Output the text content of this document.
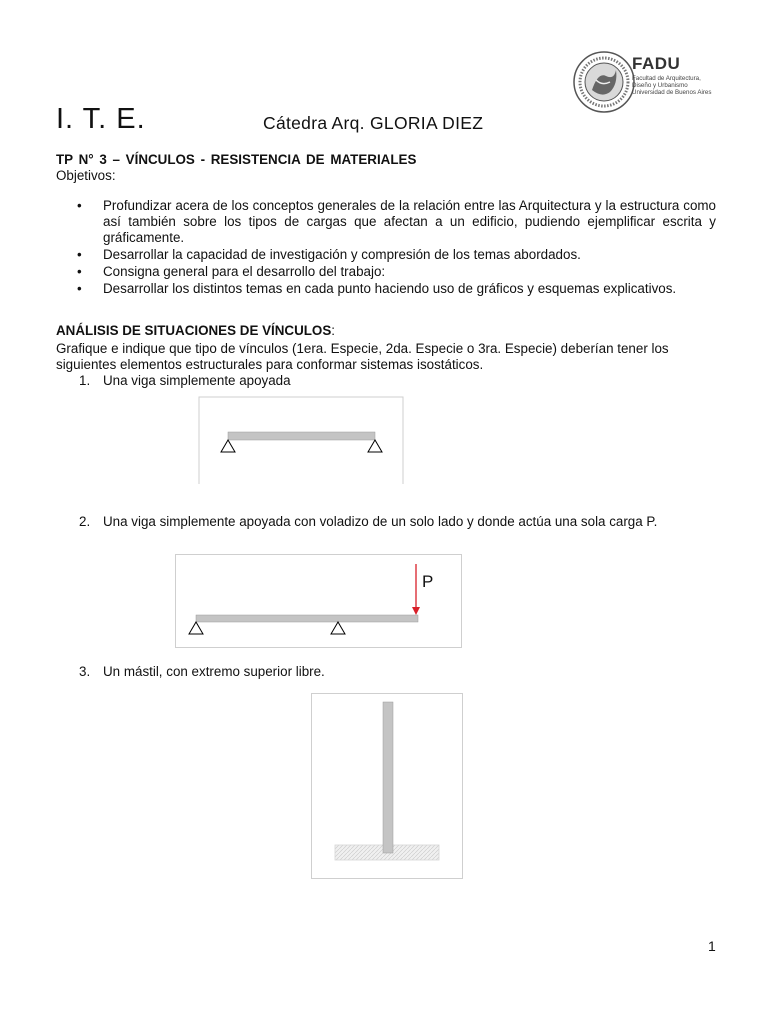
FADU
Facultad de Arquitectura,
Diseño y Urbanismo
Universidad de Buenos Aires
I. T. E.	Cátedra Arq. GLORIA DIEZ
TP N° 3 – VÍNCULOS - RESISTENCIA DE MATERIALES
Objetivos:
• Profundizar acera de los conceptos generales de la relación entre las Arquitectura y la estructura como así también sobre los tipos de cargas que afectan a un edificio, pudiendo ejemplificar escrita y gráficamente.
• Desarrollar la capacidad de investigación y compresión de los temas abordados.
• Consigna general para el desarrollo del trabajo:
• Desarrollar los distintos temas en cada punto haciendo uso de gráficos y esquemas explicativos.
ANÁLISIS DE SITUACIONES DE VÍNCULOS:
Grafique e indique que tipo de vínculos (1era. Especie, 2da. Especie o 3ra. Especie) deberían tener los siguientes elementos estructurales para conformar sistemas isostáticos.
1. Una viga simplemente apoyada
2. Una viga simplemente apoyada con voladizo de un solo lado y donde actúa una sola carga P.
P
3. Un mástil, con extremo superior libre.
1
